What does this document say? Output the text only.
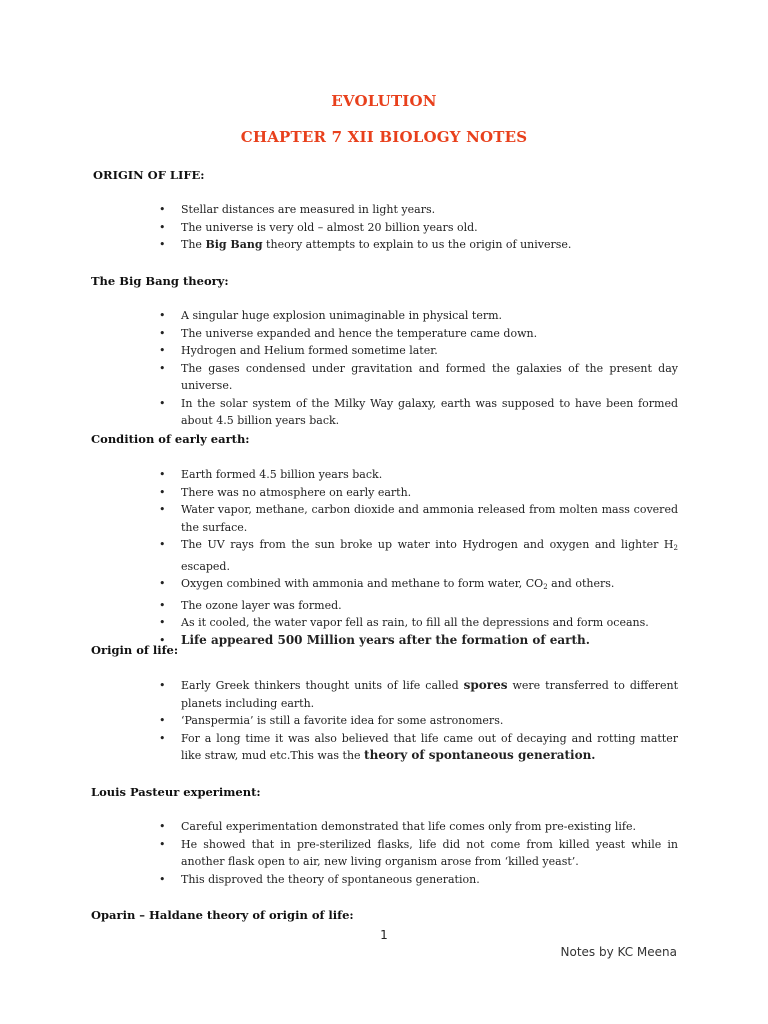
EVOLUTION
CHAPTER 7 XII BIOLOGY NOTES
ORIGIN OF LIFE:
• Stellar distances are measured in light years.
• The universe is very old – almost 20 billion years old.
• The Big Bang theory attempts to explain to us the origin of universe.
The Big Bang theory:
• A singular huge explosion unimaginable in physical term.
• The universe expanded and hence the temperature came down.
• Hydrogen and Helium formed sometime later.
• The gases condensed under gravitation and formed the galaxies of the present day universe.
• In the solar system of the Milky Way galaxy, earth was supposed to have been formed about 4.5 billion years back.
Condition of early earth:
• Earth formed 4.5 billion years back.
• There was no atmosphere on early earth.
• Water vapor, methane, carbon dioxide and ammonia released from molten mass covered the surface.
• The UV rays from the sun broke up water into Hydrogen and oxygen and lighter $H_2$ escaped.
• Oxygen combined with ammonia and methane to form water, $CO_2$ and others.
• The ozone layer was formed.
• As it cooled, the water vapor fell as rain, to fill all the depressions and form oceans.
• Life appeared 500 Million years after the formation of earth.
Origin of life:
• Early Greek thinkers thought units of life called spores were transferred to different planets including earth.
• ‘Panspermia’ is still a favorite idea for some astronomers.
• For a long time it was also believed that life came out of decaying and rotting matter like straw, mud etc.This was the theory of spontaneous generation.
Louis Pasteur experiment:
• Careful experimentation demonstrated that life comes only from pre-existing life.
• He showed that in pre-sterilized flasks, life did not come from killed yeast while in another flask open to air, new living organism arose from ‘killed yeast’.
• This disproved the theory of spontaneous generation.
Oparin – Haldane theory of origin of life:
1
Notes by KC Meena
